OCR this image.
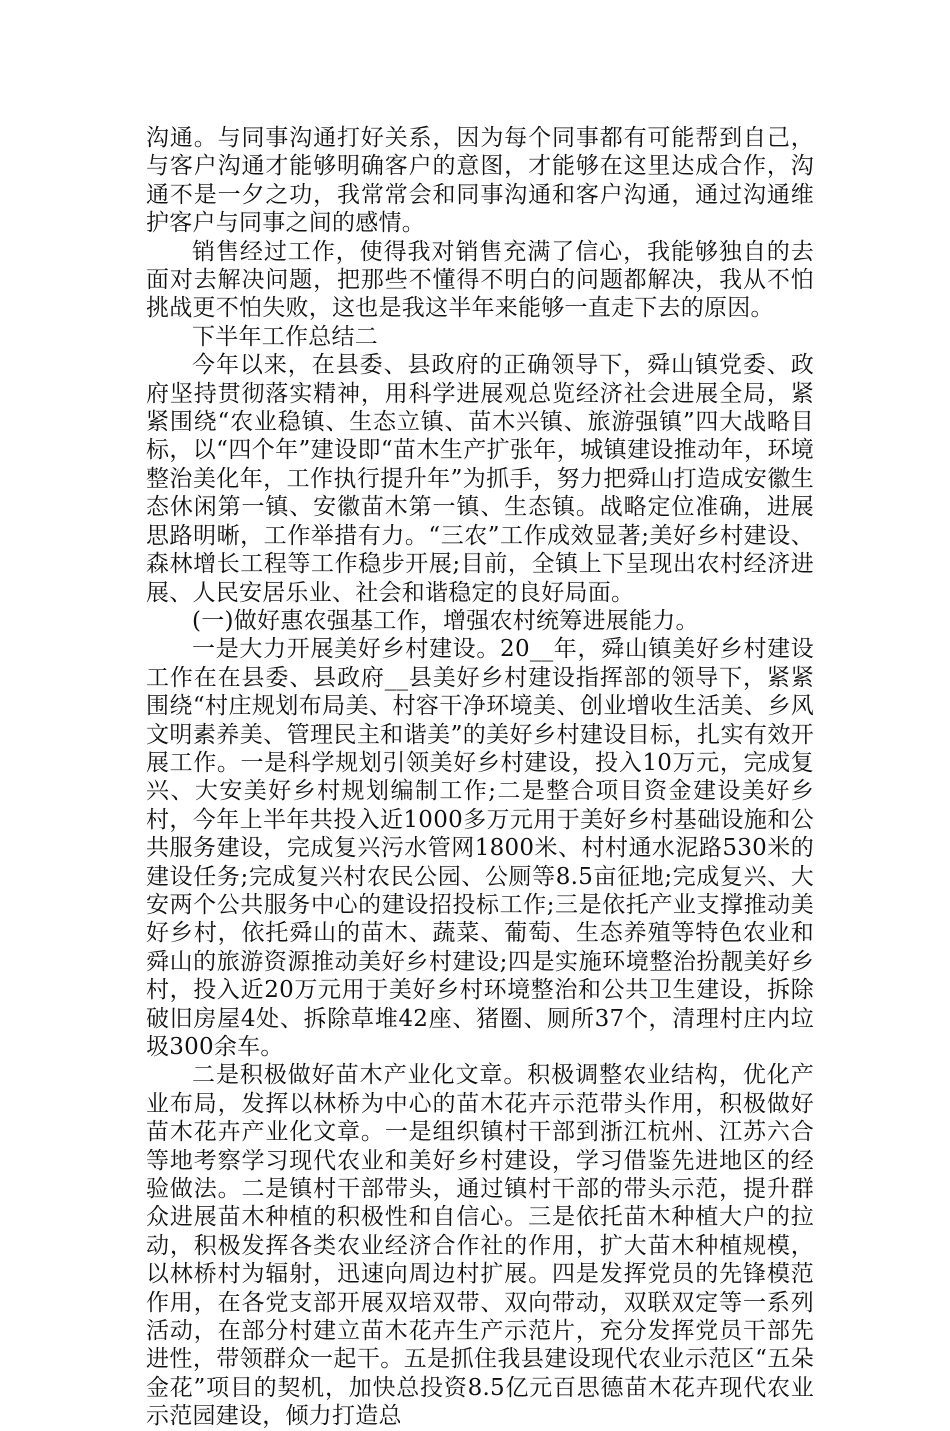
沟通。与同事沟通打好关系，因为每个同事都有可能帮到自己，与客户沟通才能够明确客户的意图，才能够在这里达成合作，沟通不是一夕之功，我常常会和同事沟通和客户沟通，通过沟通维护客户与同事之间的感情。

销售经过工作，使得我对销售充满了信心，我能够独自的去面对去解决问题，把那些不懂得不明白的问题都解决，我从不怕挑战更不怕失败，这也是我这半年来能够一直走下去的原因。

下半年工作总结二

今年以来，在县委、县政府的正确领导下，舜山镇党委、政府坚持贯彻落实精神，用科学进展观总览经济社会进展全局，紧紧围绕“农业稳镇、生态立镇、苗木兴镇、旅游强镇”四大战略目标，以“四个年”建设即“苗木生产扩张年，城镇建设推动年，环境整治美化年，工作执行提升年”为抓手，努力把舜山打造成安徽生态休闲第一镇、安徽苗木第一镇、生态镇。战略定位准确，进展思路明晰，工作举措有力。“三农”工作成效显著;美好乡村建设、森林增长工程等工作稳步开展;目前，全镇上下呈现出农村经济进展、人民安居乐业、社会和谐稳定的良好局面。

(一)做好惠农强基工作，增强农村统筹进展能力。

一是大力开展美好乡村建设。20__年，舜山镇美好乡村建设工作在在县委、县政府__县美好乡村建设指挥部的领导下，紧紧围绕“村庄规划布局美、村容干净环境美、创业增收生活美、乡风文明素养美、管理民主和谐美”的美好乡村建设目标，扎实有效开展工作。一是科学规划引领美好乡村建设，投入10万元，完成复兴、大安美好乡村规划编制工作;二是整合项目资金建设美好乡村，今年上半年共投入近1000多万元用于美好乡村基础设施和公共服务建设，完成复兴污水管网1800米、村村通水泥路530米的建设任务;完成复兴村农民公园、公厕等8.5亩征地;完成复兴、大安两个公共服务中心的建设招投标工作;三是依托产业支撑推动美好乡村，依托舜山的苗木、蔬菜、葡萄、生态养殖等特色农业和舜山的旅游资源推动美好乡村建设;四是实施环境整治扮靓美好乡村，投入近20万元用于美好乡村环境整治和公共卫生建设，拆除破旧房屋4处、拆除草堆42座、猪圈、厕所37个，清理村庄内垃圾300余车。

二是积极做好苗木产业化文章。积极调整农业结构，优化产业布局，发挥以林桥为中心的苗木花卉示范带头作用，积极做好苗木花卉产业化文章。一是组织镇村干部到浙江杭州、江苏六合等地考察学习现代农业和美好乡村建设，学习借鉴先进地区的经验做法。二是镇村干部带头，通过镇村干部的带头示范，提升群众进展苗木种植的积极性和自信心。三是依托苗木种植大户的拉动，积极发挥各类农业经济合作社的作用，扩大苗木种植规模，以林桥村为辐射，迅速向周边村扩展。四是发挥党员的先锋模范作用，在各党支部开展双培双带、双向带动，双联双定等一系列活动，在部分村建立苗木花卉生产示范片，充分发挥党员干部先进性，带领群众一起干。五是抓住我县建设现代农业示范区“五朵金花”项目的契机，加快总投资8.5亿元百思德苗木花卉现代农业示范园建设，倾力打造总
